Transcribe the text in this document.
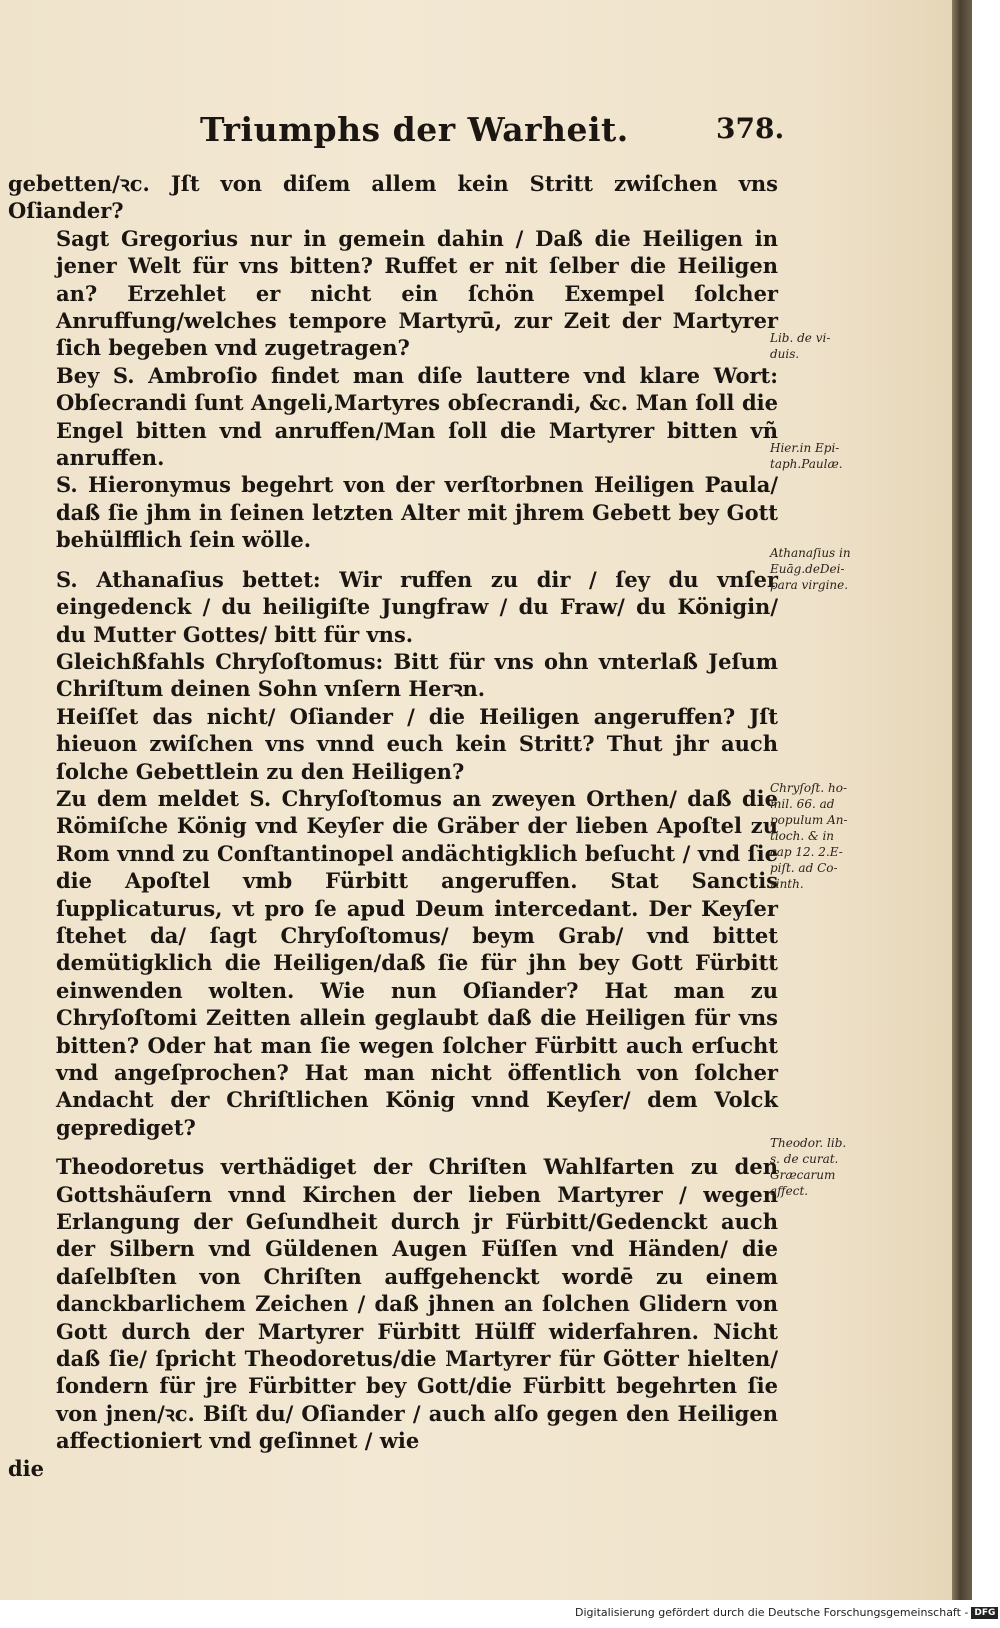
Triumphs der Warheit.	378.

gebetten/ꝛc. Jſt von diſem allem kein Stritt zwiſchen vns Oſiander?

Sagt Gregorius nur in gemein dahin / Daß die Heiligen in jener Welt für vns bitten? Ruffet er nit ſelber die Heiligen an? Erzehlet er nicht ein ſchön Exempel ſolcher Anruffung/welches tempore Martyrū, zur Zeit der Martyrer ſich begeben vnd zugetragen?

Bey S. Ambroſio findet man diſe lauttere vnd klare Wort: Obſecrandi ſunt Angeli,Martyres obſecrandi, &c. Man ſoll die Engel bitten vnd anruffen/Man ſoll die Martyrer bitten vñ anruffen.

S. Hieronymus begehrt von der verſtorbnen Heiligen Paula/ daß ſie jhm in ſeinen letzten Alter mit jhrem Gebett bey Gott behülfflich ſein wölle.

S. Athanaſius bettet: Wir ruffen zu dir / ſey du vnſer eingedenck / du heiligiſte Jungfraw / du Fraw/ du Königin/ du Mutter Gottes/ bitt für vns.

Gleichßfahls Chryſoſtomus: Bitt für vns ohn vnterlaß Jeſum Chriſtum deinen Sohn vnſern Herꝛn.

Heiſſet das nicht/ Oſiander / die Heiligen angeruffen? Jſt hieuon zwiſchen vns vnnd euch kein Stritt? Thut jhr auch ſolche Gebettlein zu den Heiligen?

Zu dem meldet S. Chryſoſtomus an zweyen Orthen/ daß die Römiſche König vnd Keyſer die Gräber der lieben Apoſtel zu Rom vnnd zu Conſtantinopel andächtigklich beſucht / vnd ſie die Apoſtel vmb Fürbitt angeruffen. Stat Sanctis ſupplicaturus, vt pro ſe apud Deum intercedant. Der Keyſer ſtehet da/ ſagt Chryſoſtomus/ beym Grab/ vnd bittet demütigklich die Heiligen/daß ſie für jhn bey Gott Fürbitt einwenden wolten. Wie nun Oſiander? Hat man zu Chryſoſtomi Zeitten allein geglaubt daß die Heiligen für vns bitten? Oder hat man ſie wegen ſolcher Fürbitt auch erſucht vnd angeſprochen? Hat man nicht öffentlich von ſolcher Andacht der Chriſtlichen König vnnd Keyſer/ dem Volck geprediget?

Theodoretus verthädiget der Chriſten Wahlfarten zu den Gottshäuſern vnnd Kirchen der lieben Martyrer / wegen Erlangung der Geſundheit durch jr Fürbitt/Gedenckt auch der Silbern vnd Güldenen Augen Füſſen vnd Händen/ die daſelbſten von Chriſten auffgehenckt wordē zu einem danckbarlichem Zeichen / daß jhnen an ſolchen Glidern von Gott durch der Martyrer Fürbitt Hülff widerfahren. Nicht daß ſie/ ſpricht Theodoretus/die Martyrer für Götter hielten/ſondern für jre Fürbitter bey Gott/die Fürbitt begehrten ſie von jnen/ꝛc. Biſt du/ Oſiander / auch alſo gegen den Heiligen affectioniert vnd geſinnet / wie

die

Lib. de vi-
duis.
Hier.in Epi-
taph.Paulæ.
Athanaſius in
Euāg.deDei-
para virgine.
Chryſoſt. ho-
mil. 66. ad
populum An-
tioch. & in
cap 12. 2.E-
piſt. ad Co-
rinth.
Theodor. lib.
s. de curat.
Græcarum
affect.
Digitalisierung gefördert durch die Deutsche Forschungsgemeinschaft - DFG
